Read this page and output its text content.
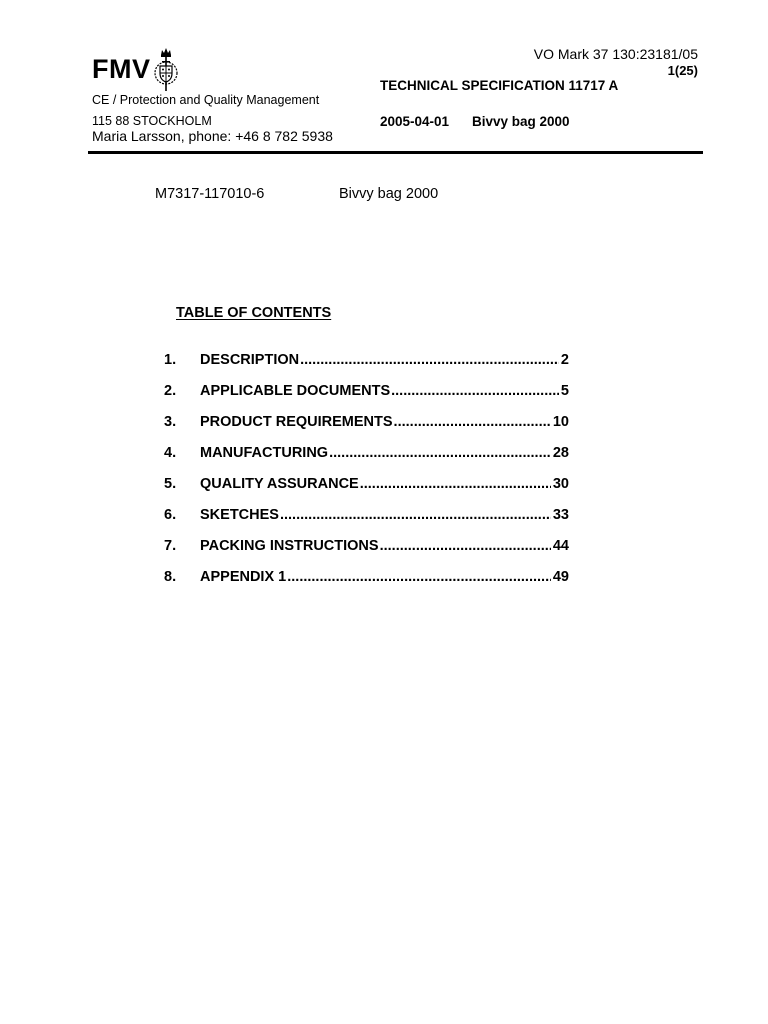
FMV	VO Mark 37 130:23181/05
1(25)
TECHNICAL SPECIFICATION 11717 A
2005-04-01 Bivvy bag 2000
CE / Protection and Quality Management
115 88 STOCKHOLM
Maria Larsson, phone: +46 8 782 5938
M7317-117010-6	Bivvy bag 2000
TABLE OF CONTENTS
1.	DESCRIPTION .....	2
2.	APPLICABLE DOCUMENTS .....	5
3.	PRODUCT REQUIREMENTS .....	10
4.	MANUFACTURING .....	28
5.	QUALITY ASSURANCE .....	30
6.	SKETCHES .....	33
7.	PACKING INSTRUCTIONS .....	44
8.	APPENDIX 1 .....	49
